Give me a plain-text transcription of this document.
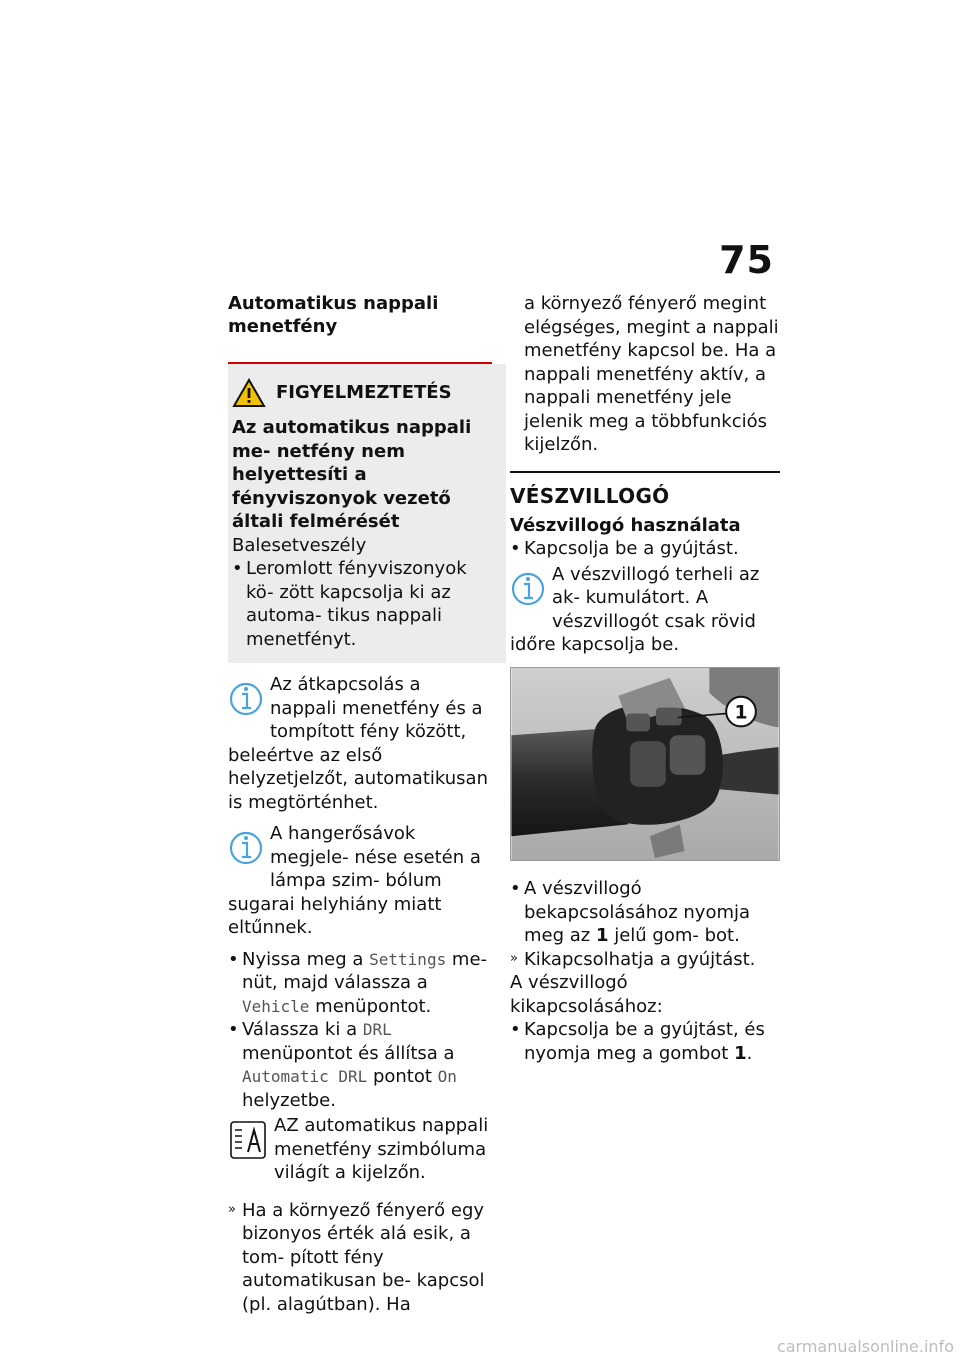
75
Automatikus nappali menetfény
FIGYELMEZTETÉS

Az automatikus nappali me- netfény nem helyettesíti a fényviszonyok vezető általi felmérését

Balesetveszély

• Leromlott fényviszonyok kö- zött kapcsolja ki az automa- tikus nappali menetfényt.

Az átkapcsolás a nappali menetfény és a tompított fény között, beleértve az első helyzetjelzőt, automatikusan is megtörténhet.

A hangerősávok megjele- nése esetén a lámpa szim- bólum sugarai helyhiány miatt eltűnnek.

• Nyissa meg a Settings me- nüt, majd válassza a Vehicle menüpontot.

• Válassza ki a DRL menüpontot és állítsa a Automatic DRL pontot On helyzetbe.

AZ automatikus nappali menetfény szimbóluma világít a kijelzőn.

» Ha a környező fényerő egy bizonyos érték alá esik, a tom- pított fény automatikusan be- kapcsol (pl. alagútban). Ha

a környező fényerő megint elégséges, megint a nappali menetfény kapcsol be. Ha a nappali menetfény aktív, a nappali menetfény jele jelenik meg a többfunkciós kijelzőn.

VÉSZVILLOGÓ
Vészvillogó használata

• Kapcsolja be a gyújtást.

A vészvillogó terheli az ak- kumulátort. A vészvillogót csak rövid időre kapcsolja be.

1

• A vészvillogó bekapcsolásához nyomja meg az 1 jelű gom- bot.

» Kikapcsolhatja a gyújtást.

A vészvillogó kikapcsolásához:

• Kapcsolja be a gyújtást, és nyomja meg a gombot 1.

carmanualsonline.info
